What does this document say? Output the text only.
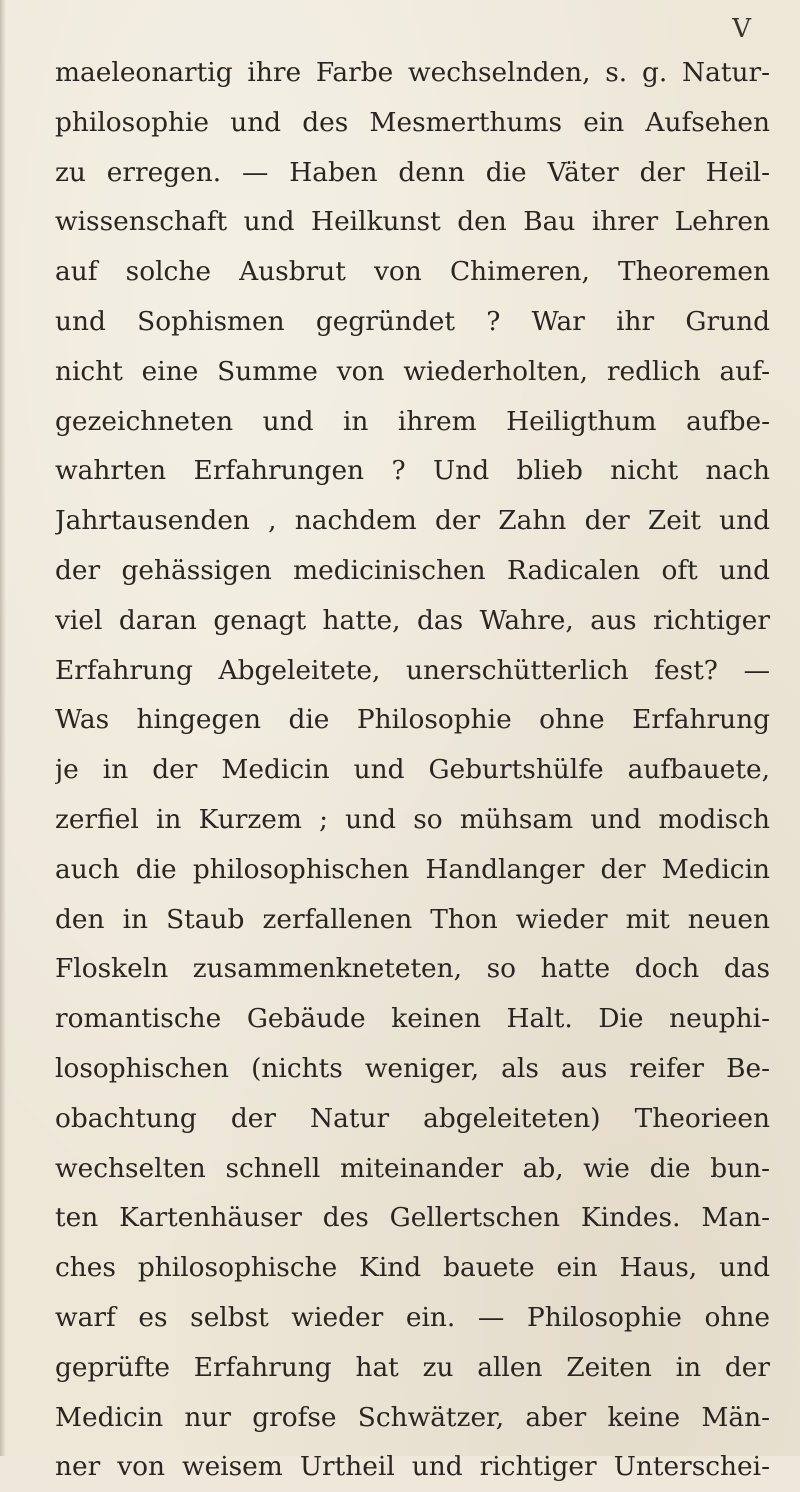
V
maeleonartig ihre Farbe wechselnden, s. g. Natur-
philosophie und des Mesmerthums ein Aufsehen
zu erregen. — Haben denn die Väter der Heil-
wissenschaft und Heilkunst den Bau ihrer Lehren
auf solche Ausbrut von Chimeren, Theoremen
und Sophismen gegründet ? War ihr Grund
nicht eine Summe von wiederholten, redlich auf-
gezeichneten und in ihrem Heiligthum aufbe-
wahrten Erfahrungen ? Und blieb nicht nach
Jahrtausenden , nachdem der Zahn der Zeit und
der gehässigen medicinischen Radicalen oft und
viel daran genagt hatte, das Wahre, aus richtiger
Erfahrung Abgeleitete, unerschütterlich fest? —
Was hingegen die Philosophie ohne Erfahrung
je in der Medicin und Geburtshülfe aufbauete,
zerfiel in Kurzem ; und so mühsam und modisch
auch die philosophischen Handlanger der Medicin
den in Staub zerfallenen Thon wieder mit neuen
Floskeln zusammenkneteten, so hatte doch das
romantische Gebäude keinen Halt. Die neuphi-
losophischen (nichts weniger, als aus reifer Be-
obachtung der Natur abgeleiteten) Theorieen
wechselten schnell miteinander ab, wie die bun-
ten Kartenhäuser des Gellertschen Kindes. Man-
ches philosophische Kind bauete ein Haus, und
warf es selbst wieder ein. — Philosophie ohne
geprüfte Erfahrung hat zu allen Zeiten in der
Medicin nur grofse Schwätzer, aber keine Män-
ner von weisem Urtheil und richtiger Unterschei-
